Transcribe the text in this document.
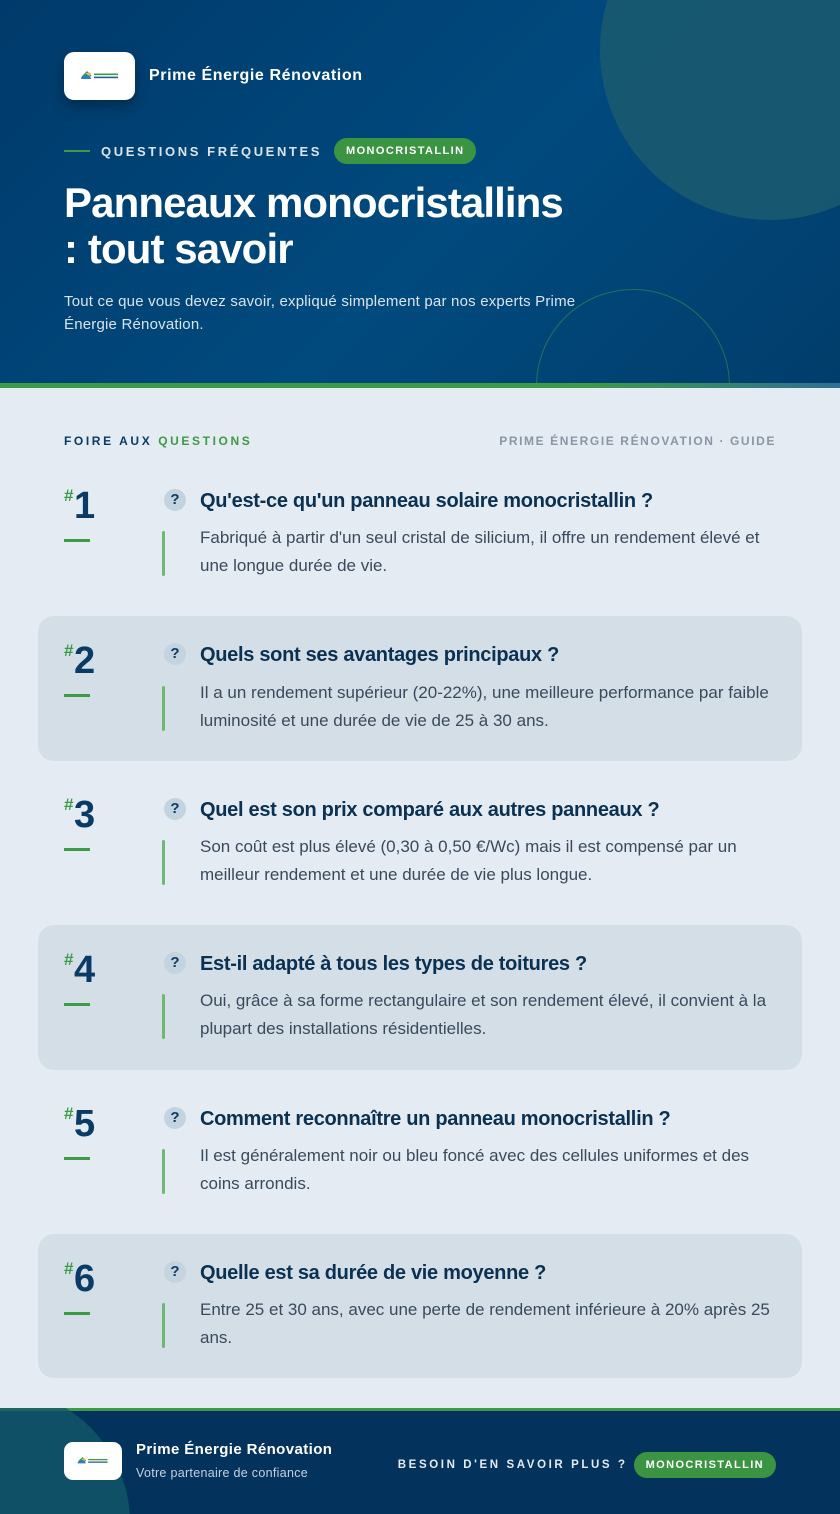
Prime Énergie Rénovation
QUESTIONS FRÉQUENTES	MONOCRISTALLIN
Panneaux monocristallins
: tout savoir

Tout ce que vous devez savoir, expliqué simplement par nos experts Prime Énergie Rénovation.

FOIRE AUX QUESTIONS	PRIME ÉNERGIE RÉNOVATION · GUIDE
# 1	?	Qu'est-ce qu'un panneau solaire monocristallin ?
Fabriqué à partir d'un seul cristal de silicium, il offre un rendement élevé et une longue durée de vie.
# 2	?	Quels sont ses avantages principaux ?
Il a un rendement supérieur (20-22%), une meilleure performance par faible luminosité et une durée de vie de 25 à 30 ans.
# 3	?	Quel est son prix comparé aux autres panneaux ?
Son coût est plus élevé (0,30 à 0,50 €/Wc) mais il est compensé par un meilleur rendement et une durée de vie plus longue.
# 4	?	Est-il adapté à tous les types de toitures ?
Oui, grâce à sa forme rectangulaire et son rendement élevé, il convient à la plupart des installations résidentielles.
# 5	?	Comment reconnaître un panneau monocristallin ?
Il est généralement noir ou bleu foncé avec des cellules uniformes et des coins arrondis.
# 6	?	Quelle est sa durée de vie moyenne ?
Entre 25 et 30 ans, avec une perte de rendement inférieure à 20% après 25 ans.
Prime Énergie Rénovation
Votre partenaire de confiance
BESOIN D'EN SAVOIR PLUS ?	MONOCRISTALLIN
